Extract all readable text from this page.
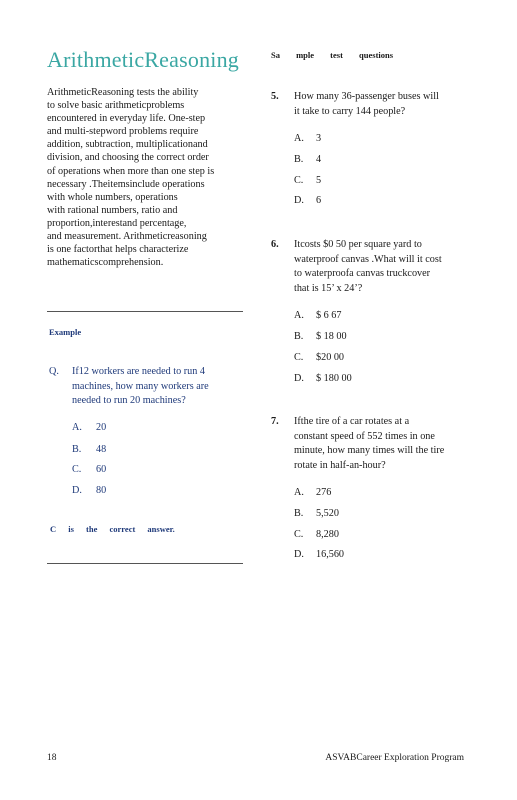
ArithmeticReasoning
ArithmeticReasoning tests the ability
to solve basic arithmeticproblems
encountered in everyday life. One-step
and multi-stepword problems require
addition, subtraction, multiplicationand
division, and choosing the correct order
of operations when more than one step is
necessary .Theitemsinclude operations
with whole numbers, operations
with rational numbers, ratio and
proportion,interestand percentage,
and measurement. Arithmeticreasoning
is one factorthat helps characterize
mathematicscomprehension.
Example
Q. If12 workers are needed to run 4
machines, how many workers are
needed to run 20 machines?
A. 20
B. 48
C. 60
D. 80
C is the correct answer.
Sa mple test questions
5. How many 36-passenger buses will
it take to carry 144 people?
A. 3
B. 4
C. 5
D. 6
6. Itcosts $0 50 per square yard to
waterproof canvas .What will it cost
to waterproofa canvas truckcover
that is 15’ x 24’?
A. $ 6 67
B. $ 18 00
C. $20 00
D. $ 180 00
7. Ifthe tire of a car rotates at a
constant speed of 552 times in one
minute, how many times will the tire
rotate in half-an-hour?
A. 276
B. 5,520
C. 8,280
D. 16,560
18	ASVABCareer Exploration Program
